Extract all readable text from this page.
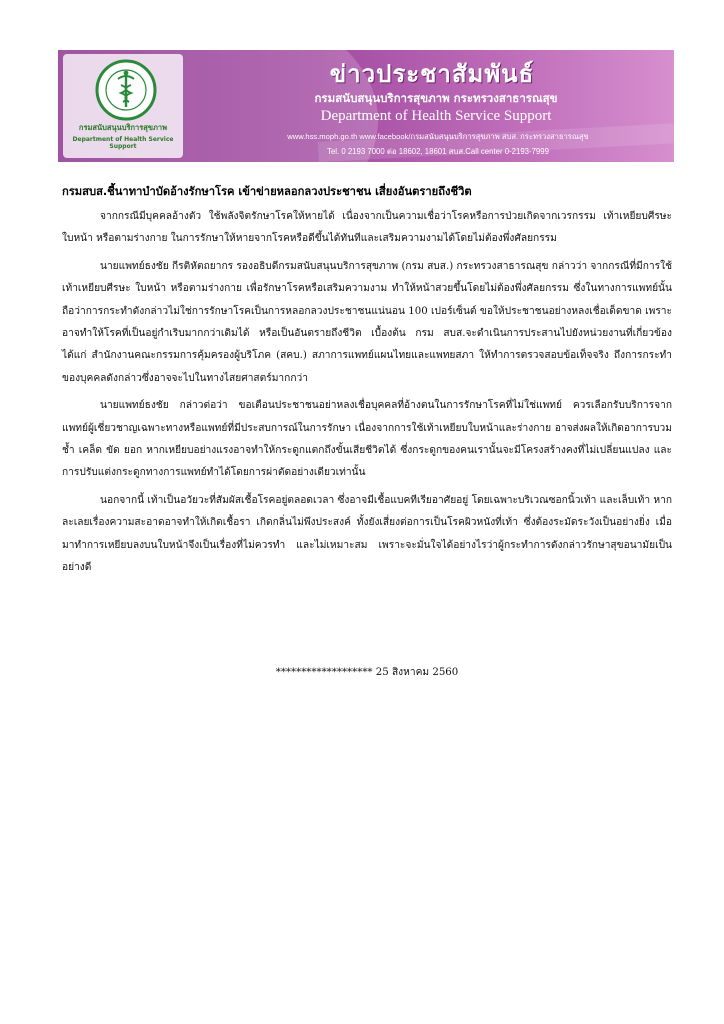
กรมสนับสนุนบริการสุขภาพ
Department of Health Service Support
ข่าวประชาสัมพันธ์
กรมสนับสนุนบริการสุขภาพ กระทรวงสาธารณสุข
Department of Health Service Support
www.hss.moph.go.th www.facebook/กรมสนับสนุนบริการสุขภาพ สบส. กระทรวงสาธารณสุข
Tel. 0 2193 7000 ต่อ 18602, 18601 สบส.Call center 0-2193-7999
กรมสบส.ชี้นาทาบำบัดอ้างรักษาโรค เข้าข่ายหลอกลวงประชาชน เสี่ยงอันตรายถึงชีวิต

จากกรณีมีบุคคลอ้างตัว ใช้พลังจิตรักษาโรคให้หายได้ เนื่องจากเป็นความเชื่อว่าโรคหรือการป่วยเกิดจากเวรกรรม เท้าเหยียบศีรษะ ใบหน้า หรือตามร่างกาย ในการรักษาให้หายจากโรคหรือดีขึ้นได้ทันทีและเสริมความงามได้โดยไม่ต้องพึ่งศัลยกรรม

นายแพทย์ธงชัย กีรติหัตถยากร รองอธิบดีกรมสนับสนุนบริการสุขภาพ (กรม สบส.) กระทรวงสาธารณสุข กล่าวว่า จากกรณีที่มีการใช้เท้าเหยียบศีรษะ ใบหน้า หรือตามร่างกาย เพื่อรักษาโรคหรือเสริมความงาม ทำให้หน้าสวยขึ้นโดยไม่ต้องพึ่งศัลยกรรม ซึ่งในทางการแพทย์นั้น ถือว่าการกระทำดังกล่าวไม่ใช่การรักษาโรคเป็นการหลอกลวงประชาชนแน่นอน 100 เปอร์เซ็นต์ ขอให้ประชาชนอย่างหลงเชื่อเด็ดขาด เพราะอาจทำให้โรคที่เป็นอยู่กำเริบมากกว่าเดิมได้ หรือเป็นอันตรายถึงชีวิต เบื้องต้น กรม สบส.จะดำเนินการประสานไปยังหน่วยงานที่เกี่ยวข้อง ได้แก่ สำนักงานคณะกรรมการคุ้มครองผู้บริโภค (สคบ.) สภาการแพทย์แผนไทยและแพทยสภา ให้ทำการตรวจสอบข้อเท็จจริง ถึงการกระทำของบุคคลดังกล่าวซึ่งอาจจะไปในทางไสยศาสตร์มากกว่า

นายแพทย์ธงชัย กล่าวต่อว่า ขอเตือนประชาชนอย่าหลงเชื่อบุคคลที่อ้างตนในการรักษาโรคที่ไม่ใช่แพทย์ ควรเลือกรับบริการจากแพทย์ผู้เชี่ยวชาญเฉพาะทางหรือแพทย์ที่มีประสบการณ์ในการรักษา เนื่องจากการใช้เท้าเหยียบใบหน้าและร่างกาย อาจส่งผลให้เกิดอาการบวมช้ำ เคล็ด ขัด ยอก หากเหยียบอย่างแรงอาจทำให้กระดูกแตกถึงขั้นเสียชีวิตได้ ซึ่งกระดูกของคนเรานั้นจะมีโครงสร้างคงที่ไม่เปลี่ยนแปลง และการปรับแต่งกระดูกทางการแพทย์ทำได้โดยการผ่าตัดอย่างเดียวเท่านั้น

นอกจากนี้ เท้าเป็นอวัยวะที่สัมผัสเชื้อโรคอยู่ตลอดเวลา ซึ่งอาจมีเชื้อแบคทีเรียอาศัยอยู่ โดยเฉพาะบริเวณซอกนิ้วเท้า และเล็บเท้า หากละเลยเรื่องความสะอาดอาจทำให้เกิดเชื้อรา เกิดกลิ่นไม่พึงประสงค์ ทั้งยังเสี่ยงต่อการเป็นโรคผิวหนังที่เท้า ซึ่งต้องระมัดระวังเป็นอย่างยิ่ง เมื่อมาทำการเหยียบลงบนใบหน้าจึงเป็นเรื่องที่ไม่ควรทำ และไม่เหมาะสม เพราะจะมั่นใจได้อย่างไรว่าผู้กระทำการดังกล่าวรักษาสุขอนามัยเป็นอย่างดี

******************* 25 สิงหาคม 2560
